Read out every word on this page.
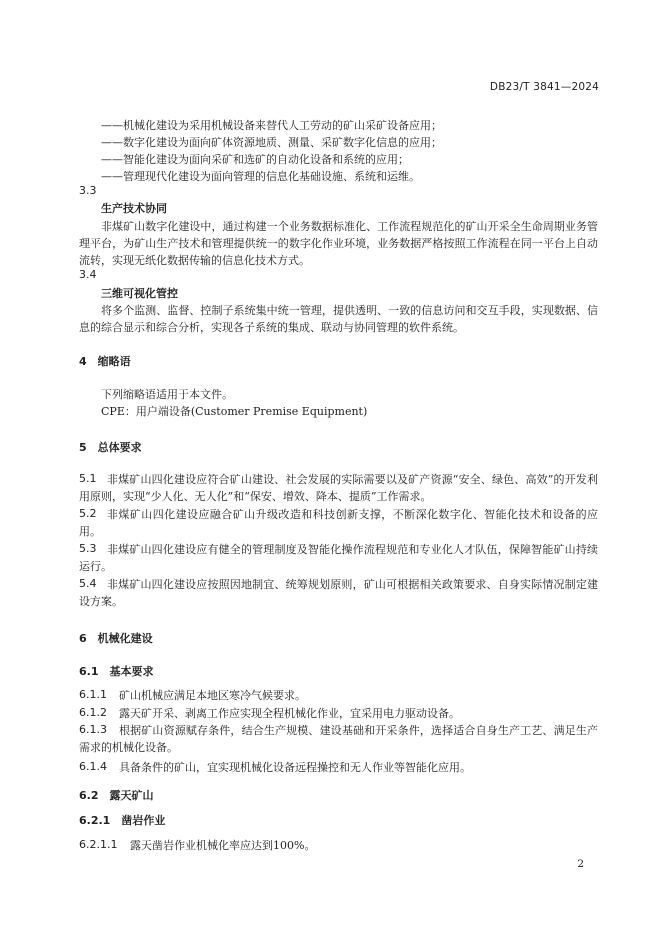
DB23/T 3841—2024
——机械化建设为采用机械设备来替代人工劳动的矿山采矿设备应用；
——数字化建设为面向矿体资源地质、测量、采矿数字化信息的应用；
——智能化建设为面向采矿和选矿的自动化设备和系统的应用；
——管理现代化建设为面向管理的信息化基础设施、系统和运维。
3.3
生产技术协同
非煤矿山数字化建设中，通过构建一个业务数据标准化、工作流程规范化的矿山开采全生命周期业务管理平台，为矿山生产技术和管理提供统一的数字化作业环境，业务数据严格按照工作流程在同一平台上自动流转，实现无纸化数据传输的信息化技术方式。
3.4
三维可视化管控
将多个监测、监督、控制子系统集中统一管理，提供透明、一致的信息访问和交互手段，实现数据、信息的综合显示和综合分析，实现各子系统的集成、联动与协同管理的软件系统。
4　缩略语
下列缩略语适用于本文件。
CPE：用户端设备(Customer Premise Equipment)
5　总体要求
5.1 非煤矿山四化建设应符合矿山建设、社会发展的实际需要以及矿产资源“安全、绿色、高效”的开发利用原则，实现“少人化、无人化”和“保安、增效、降本、提质”工作需求。
5.2 非煤矿山四化建设应融合矿山升级改造和科技创新支撑，不断深化数字化、智能化技术和设备的应用。
5.3 非煤矿山四化建设应有健全的管理制度及智能化操作流程规范和专业化人才队伍，保障智能矿山持续运行。
5.4 非煤矿山四化建设应按照因地制宜、统筹规划原则，矿山可根据相关政策要求、自身实际情况制定建设方案。
6　机械化建设
6.1　基本要求
6.1.1 矿山机械应满足本地区寒冷气候要求。
6.1.2 露天矿开采、剥离工作应实现全程机械化作业，宜采用电力驱动设备。
6.1.3	根据矿山资源赋存条件，结合生产规模、建设基础和开采条件，选择适合自身生产工艺、满足生产需求的机械化设备。
6.1.4 具备条件的矿山，宜实现机械化设备远程操控和无人作业等智能化应用。
6.2　露天矿山
6.2.1　凿岩作业
6.2.1.1 露天凿岩作业机械化率应达到100%。
2
